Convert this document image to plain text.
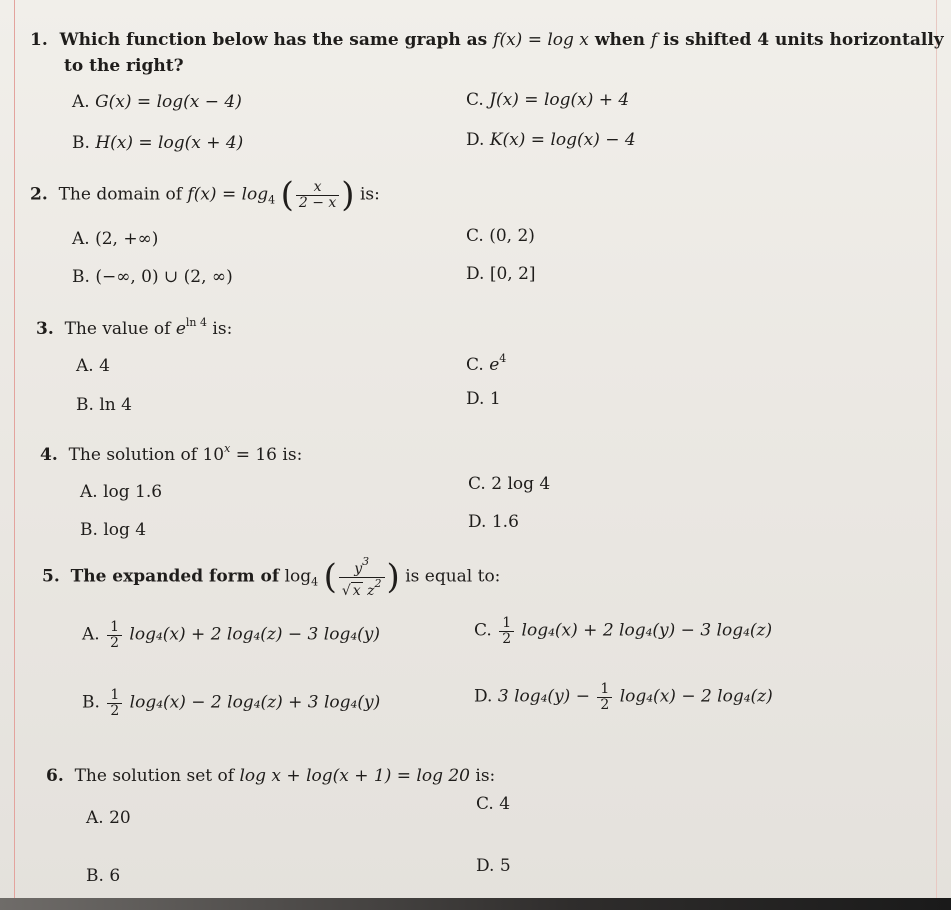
1. Which function below has the same graph as f(x) = log x when f is shifted 4 units horizontally
to the right?
A. G(x) = log(x − 4)
B. H(x) = log(x + 4)
C. J(x) = log(x) + 4
D. K(x) = log(x) − 4
2. The domain of $f(x) = \log_4$ ( $\frac{x}{2 - x}$ ) is:
A. (2, +∞)
B. (−∞, 0) ∪ (2, ∞)
C. (0, 2)
D. [0, 2]
3. The value of $e^{ln 4}$ is:
A. 4
B. ln 4
C. $e^4$
D. 1
4. The solution of $10^x = 16$ is:
A. log 1.6
B. log 4
C. 2 log 4
D. 1.6
5. The expanded form of $\log_4$ ( $\frac{y^3}{√ x z^2}$ ) is equal to:
A. $\frac{1}{2} \log_4(x) + 2$ log₄(z) − 3 log₄(y)
B. $\frac{1}{2} \log_4(x) - 2$ log₄(z) + 3 log₄(y)
C. $\frac{1}{2} \log_4(x) + 2$ log₄(y) − 3 log₄(z)
D. 3 $\log_4(y) - \frac{1}{2} \log_4(x) - 2$ log₄(z)
6. The solution set of log x + log(x + 1) = log 20 is:
A. 20
B. 6
C. 4
D. 5
